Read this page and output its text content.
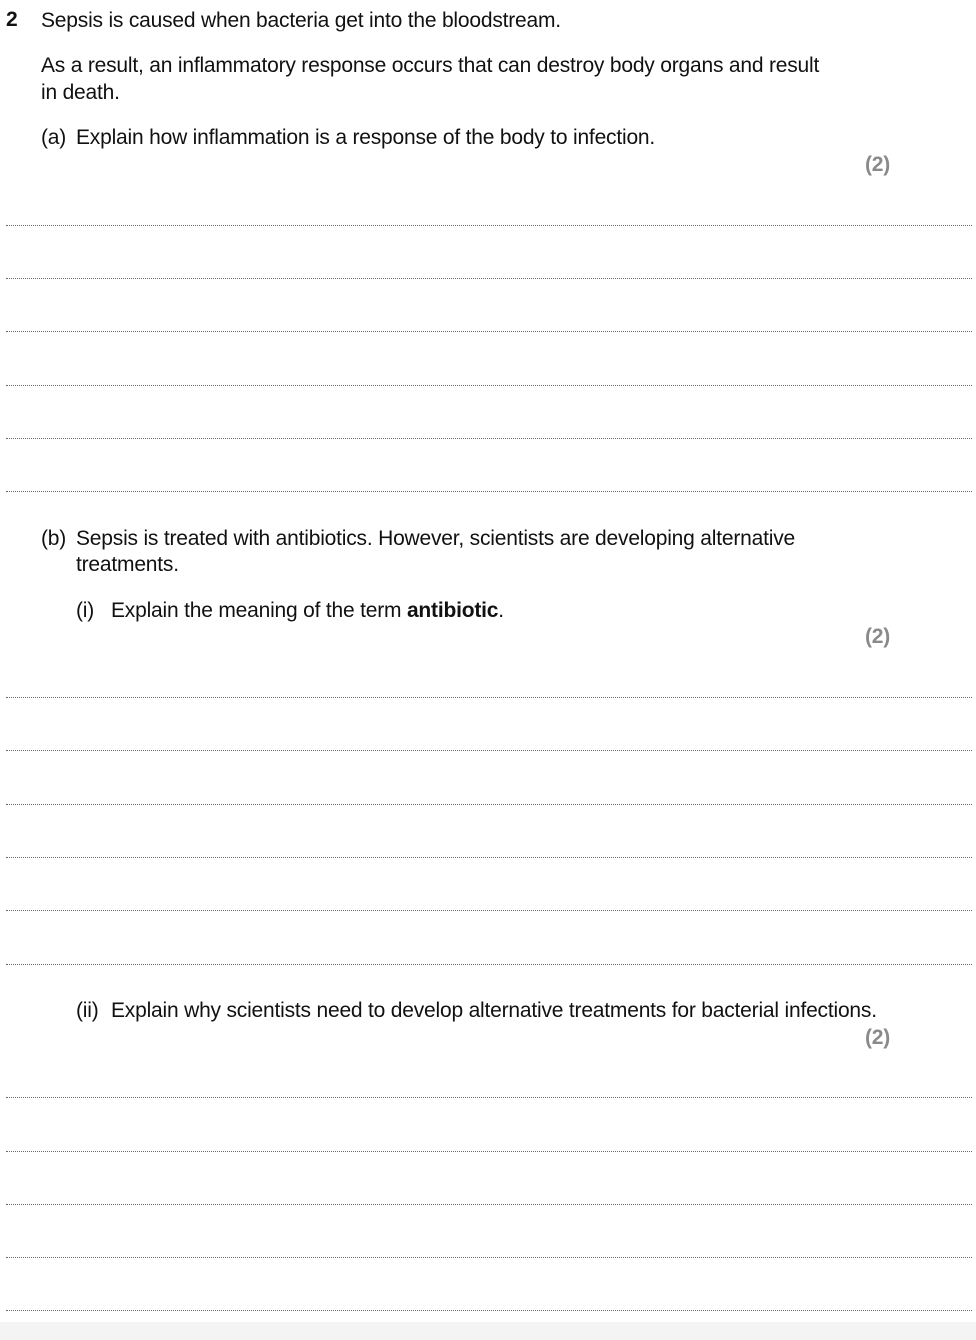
2 Sepsis is caused when bacteria get into the bloodstream.
As a result, an inflammatory response occurs that can destroy body organs and result
in death.
(a) Explain how inflammation is a response of the body to infection.
(2)
(b) Sepsis is treated with antibiotics. However, scientists are developing alternative
treatments.
(i) Explain the meaning of the term antibiotic.
(2)
(ii) Explain why scientists need to develop alternative treatments for bacterial infections.
(2)
